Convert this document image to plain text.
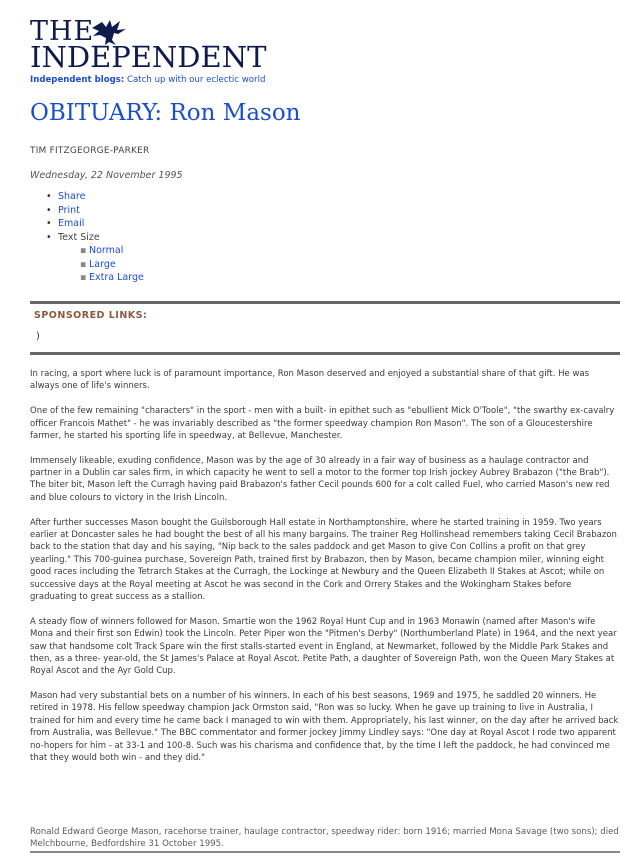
THE
INDEPENDENT
Independent blogs: Catch up with our eclectic world
OBITUARY: Ron Mason
TIM FITZGEORGE-PARKER
Wednesday, 22 November 1995
• Share
• Print
• Email
• Text Size
▪ Normal
▪ Large
▪ Extra Large
SPONSORED LINKS:
)

In racing, a sport where luck is of paramount importance, Ron Mason deserved and enjoyed a substantial share of that gift. He was always one of life's winners.

One of the few remaining "characters" in the sport - men with a built- in epithet such as "ebullient Mick O'Toole", "the swarthy ex-cavalry officer Francois Mathet" - he was invariably described as "the former speedway champion Ron Mason". The son of a Gloucestershire farmer, he started his sporting life in speedway, at Bellevue, Manchester.

Immensely likeable, exuding confidence, Mason was by the age of 30 already in a fair way of business as a haulage contractor and partner in a Dublin car sales firm, in which capacity he went to sell a motor to the former top Irish jockey Aubrey Brabazon ("the Brab"). The biter bit, Mason left the Curragh having paid Brabazon's father Cecil pounds 600 for a colt called Fuel, who carried Mason's new red and blue colours to victory in the Irish Lincoln.

After further successes Mason bought the Guilsborough Hall estate in Northamptonshire, where he started training in 1959. Two years earlier at Doncaster sales he had bought the best of all his many bargains. The trainer Reg Hollinshead remembers taking Cecil Brabazon back to the station that day and his saying, "Nip back to the sales paddock and get Mason to give Con Collins a profit on that grey yearling." This 700-guinea purchase, Sovereign Path, trained first by Brabazon, then by Mason, became champion miler, winning eight good races including the Tetrarch Stakes at the Curragh, the Lockinge at Newbury and the Queen Elizabeth II Stakes at Ascot; while on successive days at the Royal meeting at Ascot he was second in the Cork and Orrery Stakes and the Wokingham Stakes before graduating to great success as a stallion.

A steady flow of winners followed for Mason. Smartie won the 1962 Royal Hunt Cup and in 1963 Monawin (named after Mason's wife Mona and their first son Edwin) took the Lincoln. Peter Piper won the "Pitmen's Derby" (Northumberland Plate) in 1964, and the next year saw that handsome colt Track Spare win the first stalls-started event in England, at Newmarket, followed by the Middle Park Stakes and then, as a three- year-old, the St James's Palace at Royal Ascot. Petite Path, a daughter of Sovereign Path, won the Queen Mary Stakes at Royal Ascot and the Ayr Gold Cup.

Mason had very substantial bets on a number of his winners. In each of his best seasons, 1969 and 1975, he saddled 20 winners. He retired in 1978. His fellow speedway champion Jack Ormston said, "Ron was so lucky. When he gave up training to live in Australia, I trained for him and every time he came back I managed to win with them. Appropriately, his last winner, on the day after he arrived back from Australia, was Bellevue." The BBC commentator and former jockey Jimmy Lindley says: "One day at Royal Ascot I rode two apparent no-hopers for him - at 33-1 and 100-8. Such was his charisma and confidence that, by the time I left the paddock, he had convinced me that they would both win - and they did."

Ronald Edward George Mason, racehorse trainer, haulage contractor, speedway rider: born 1916; married Mona Savage (two sons); died Melchbourne, Bedfordshire 31 October 1995.
